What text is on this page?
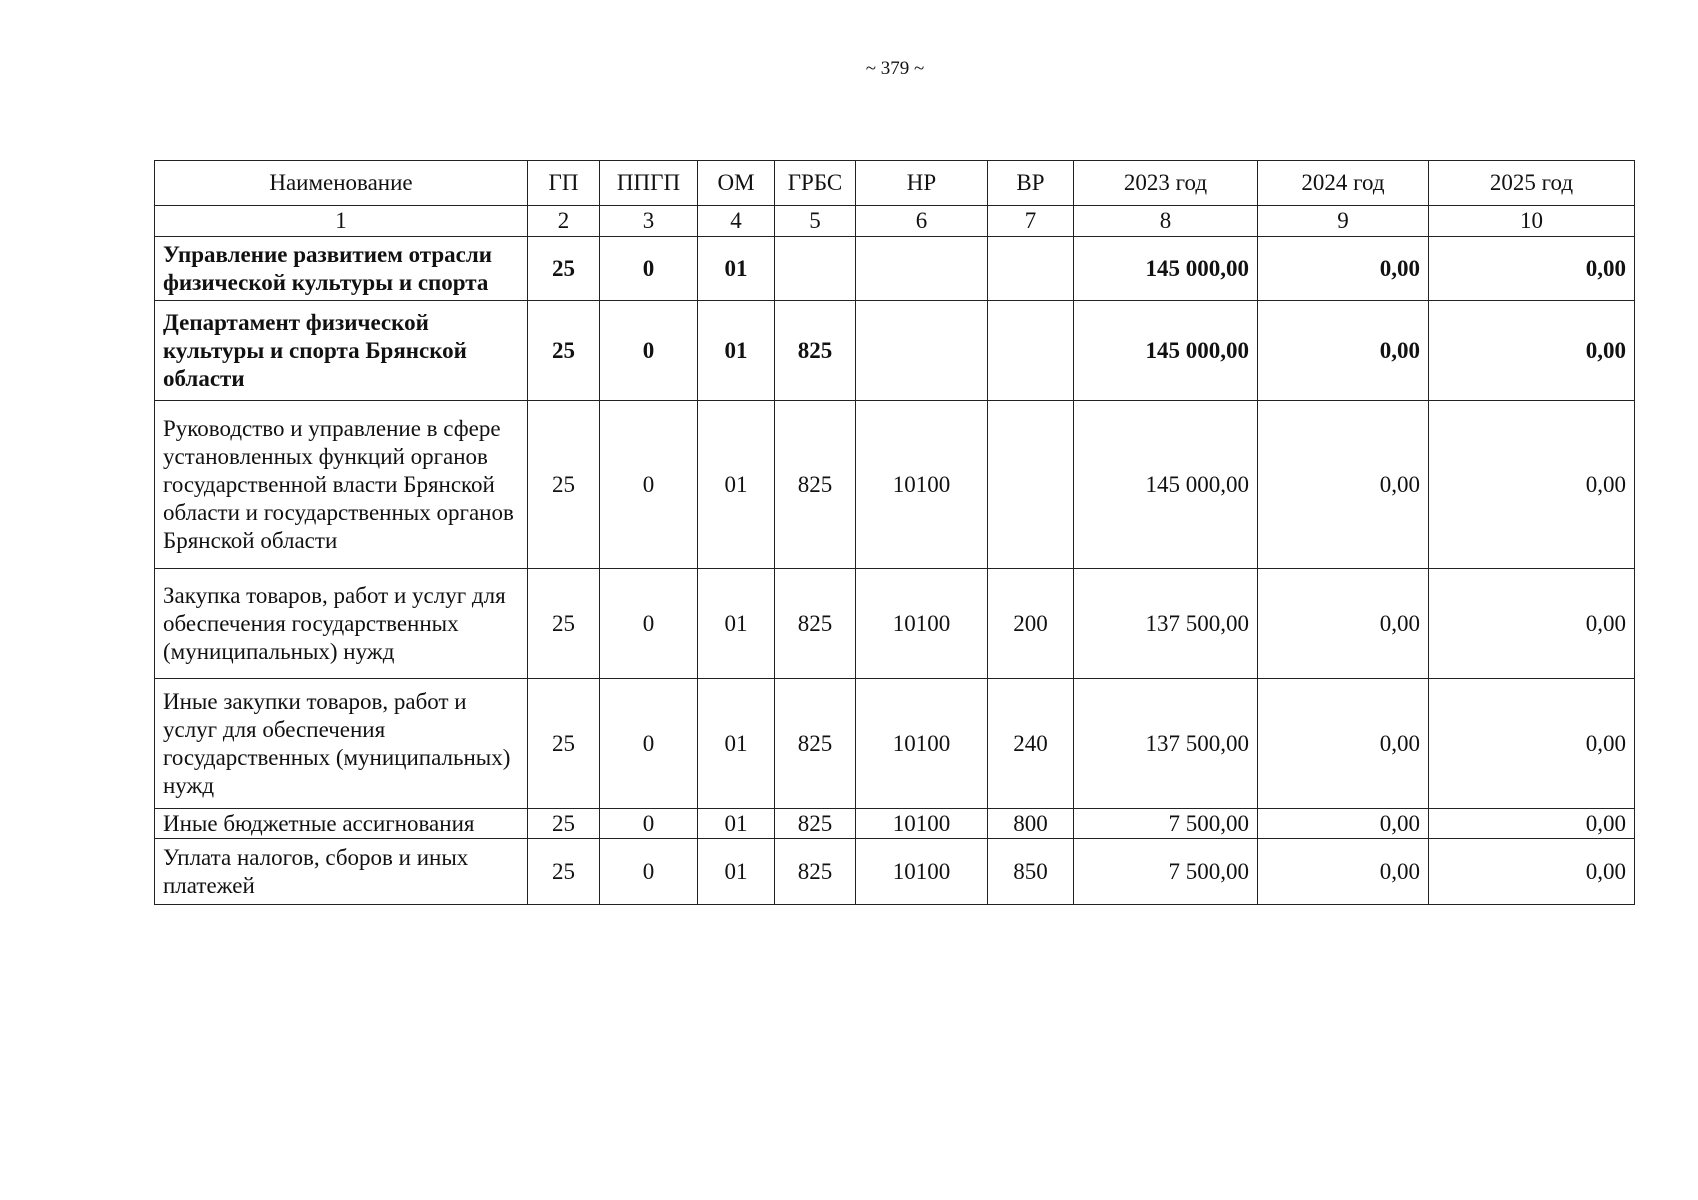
~ 379 ~
Наименование	ГП	ППГП	ОМ	ГРБС	НР	ВР	2023 год	2024 год	2025 год
1	2	3	4	5	6	7	8	9	10
Управление развитием отрасли физической культуры и спорта	25	0	01				145 000,00	0,00	0,00
Департамент физической культуры и спорта Брянской области	25	0	01	825			145 000,00	0,00	0,00
Руководство и управление в сфере установленных функций органов государственной власти Брянской области и государственных органов Брянской области	25	0	01	825	10100		145 000,00	0,00	0,00
Закупка товаров, работ и услуг для обеспечения государственных (муниципальных) нужд	25	0	01	825	10100	200	137 500,00	0,00	0,00
Иные закупки товаров, работ и услуг для обеспечения государственных (муниципальных) нужд	25	0	01	825	10100	240	137 500,00	0,00	0,00
Иные бюджетные ассигнования	25	0	01	825	10100	800	7 500,00	0,00	0,00
Уплата налогов, сборов и иных платежей	25	0	01	825	10100	850	7 500,00	0,00	0,00
